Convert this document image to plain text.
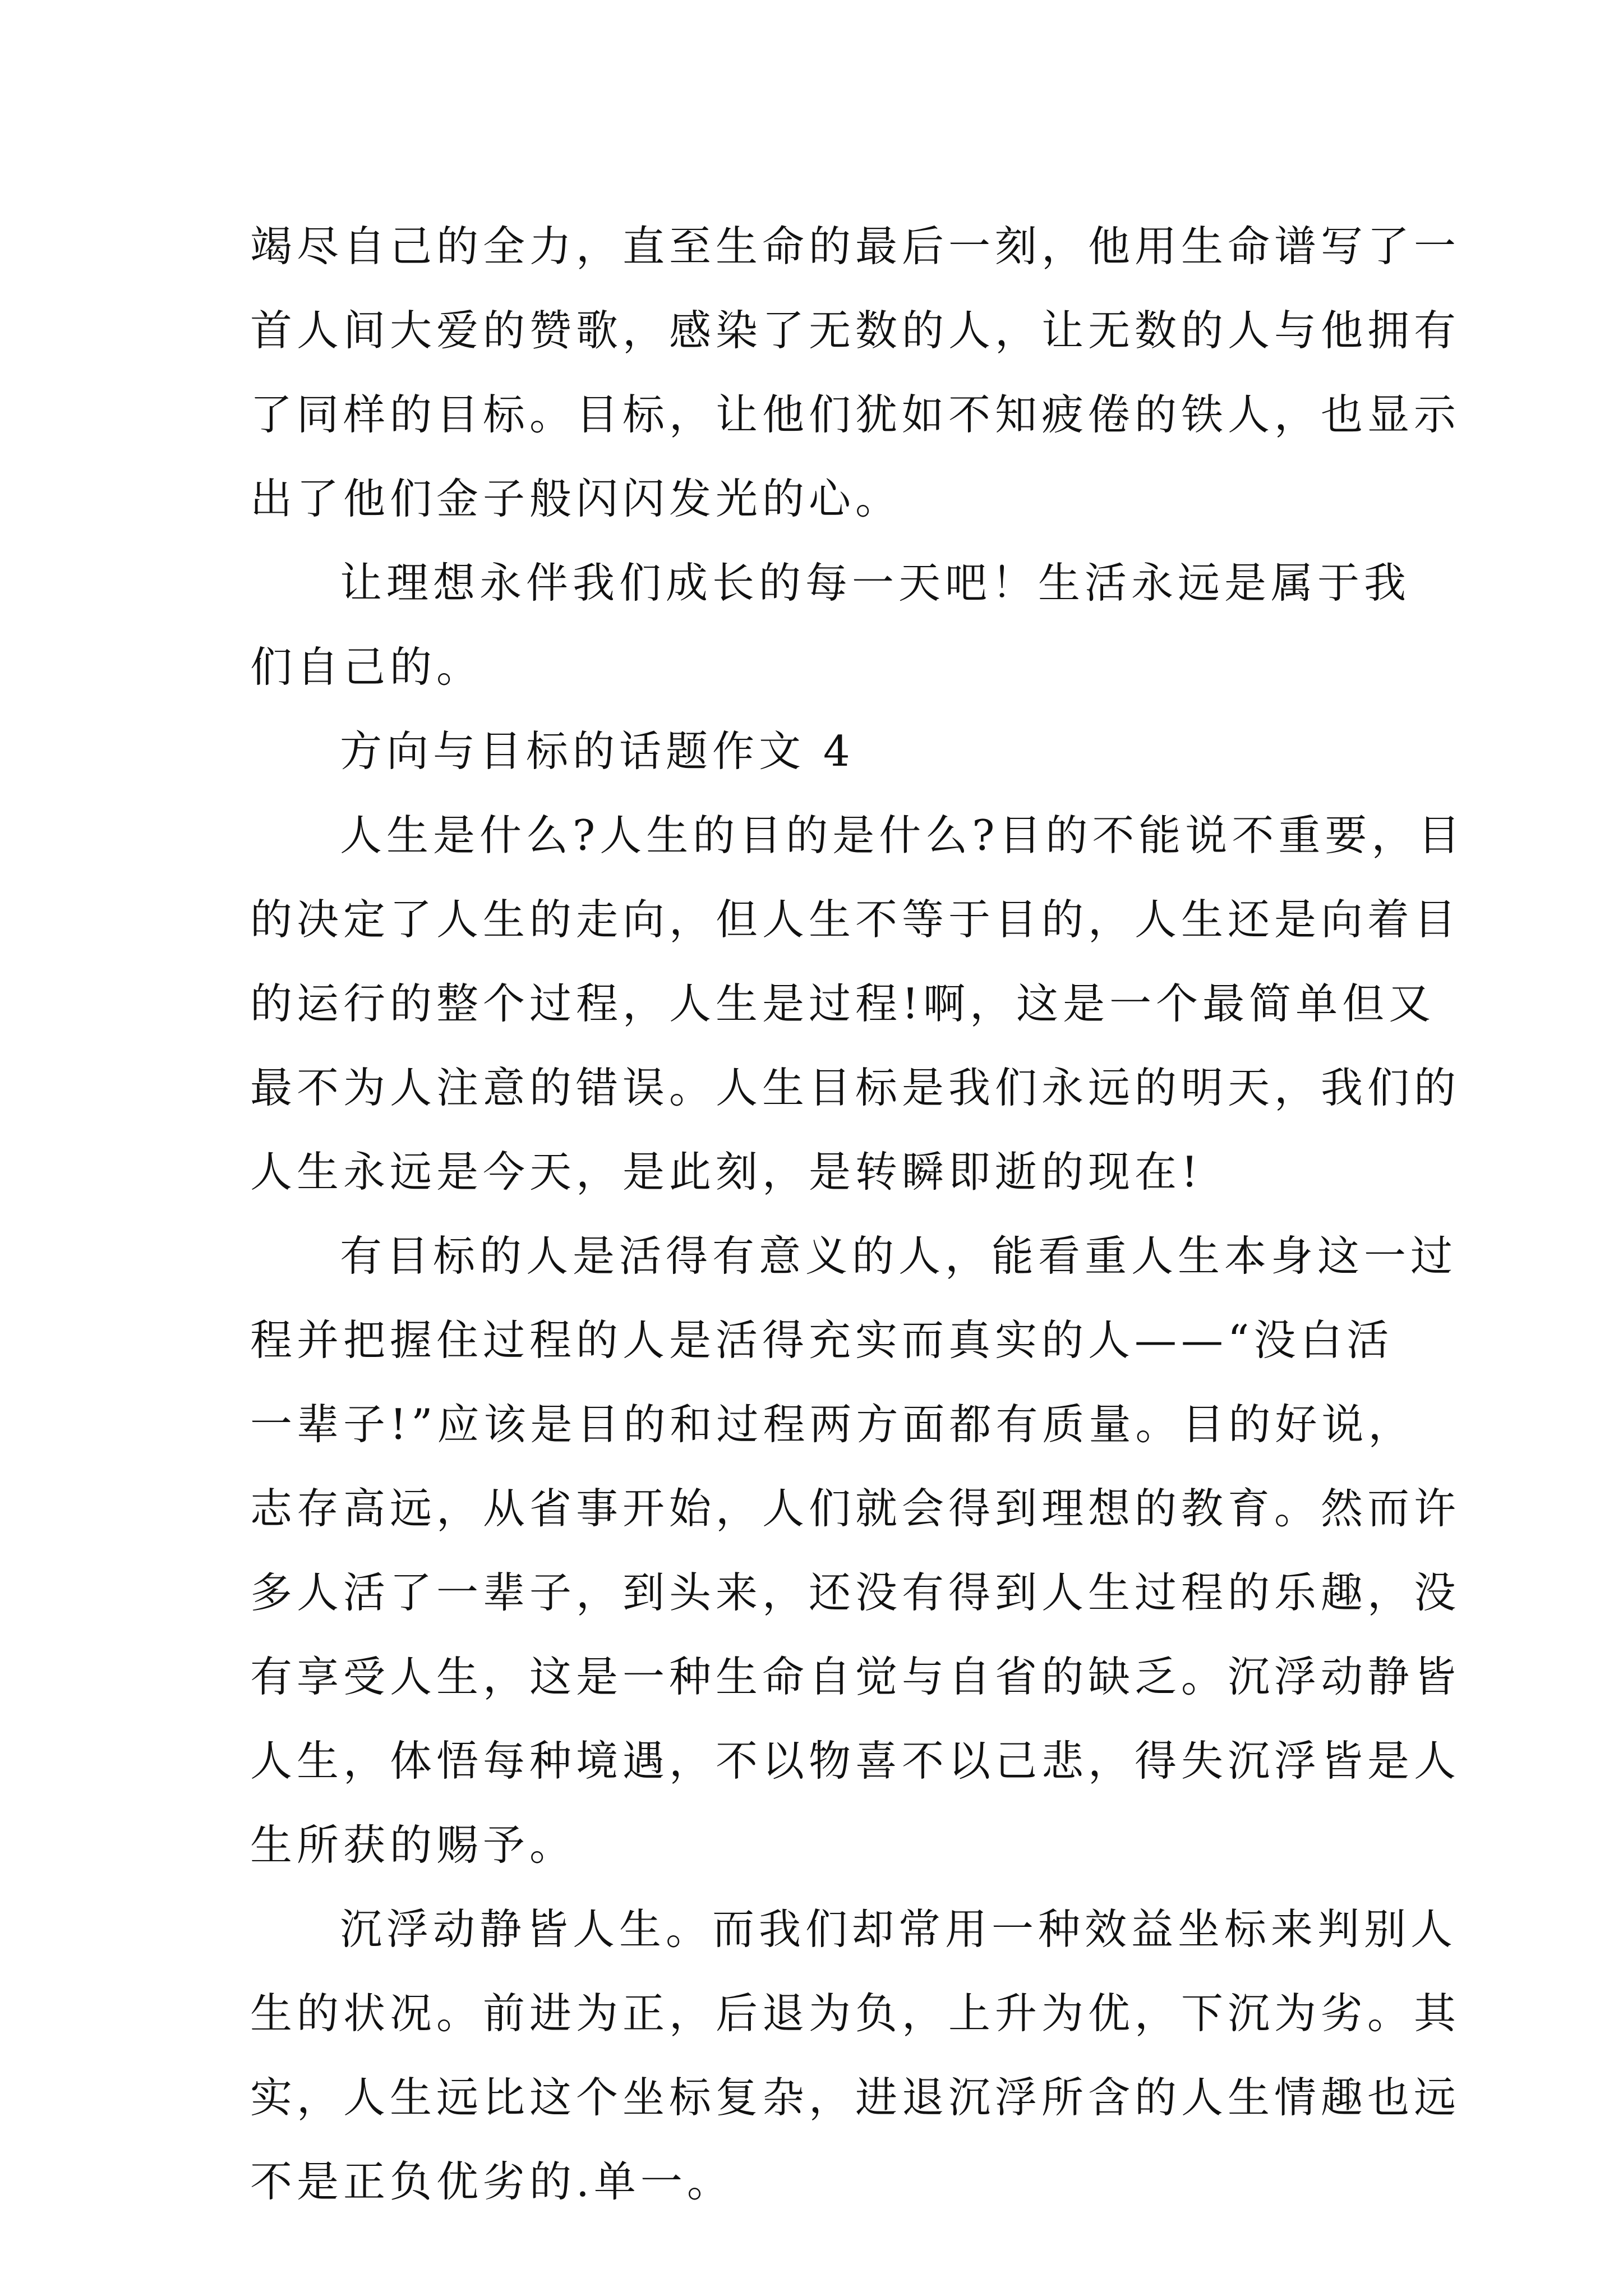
竭尽自己的全力，直至生命的最后一刻，他用生命谱写了一
首人间大爱的赞歌，感染了无数的人，让无数的人与他拥有
了同样的目标。目标，让他们犹如不知疲倦的铁人，也显示
出了他们金子般闪闪发光的心。
让理想永伴我们成长的每一天吧！生活永远是属于我
们自己的。
方向与目标的话题作文 4
人生是什么?人生的目的是什么?目的不能说不重要，目
的决定了人生的走向，但人生不等于目的，人生还是向着目
的运行的整个过程，人生是过程!啊，这是一个最简单但又
最不为人注意的错误。人生目标是我们永远的明天，我们的
人生永远是今天，是此刻，是转瞬即逝的现在!
有目标的人是活得有意义的人，能看重人生本身这一过
程并把握住过程的人是活得充实而真实的人——“没白活
一辈子!”应该是目的和过程两方面都有质量。目的好说，
志存高远，从省事开始，人们就会得到理想的教育。然而许
多人活了一辈子，到头来，还没有得到人生过程的乐趣，没
有享受人生，这是一种生命自觉与自省的缺乏。沉浮动静皆
人生，体悟每种境遇，不以物喜不以己悲，得失沉浮皆是人
生所获的赐予。
沉浮动静皆人生。而我们却常用一种效益坐标来判别人
生的状况。前进为正，后退为负，上升为优，下沉为劣。其
实，人生远比这个坐标复杂，进退沉浮所含的人生情趣也远
不是正负优劣的.单一。
